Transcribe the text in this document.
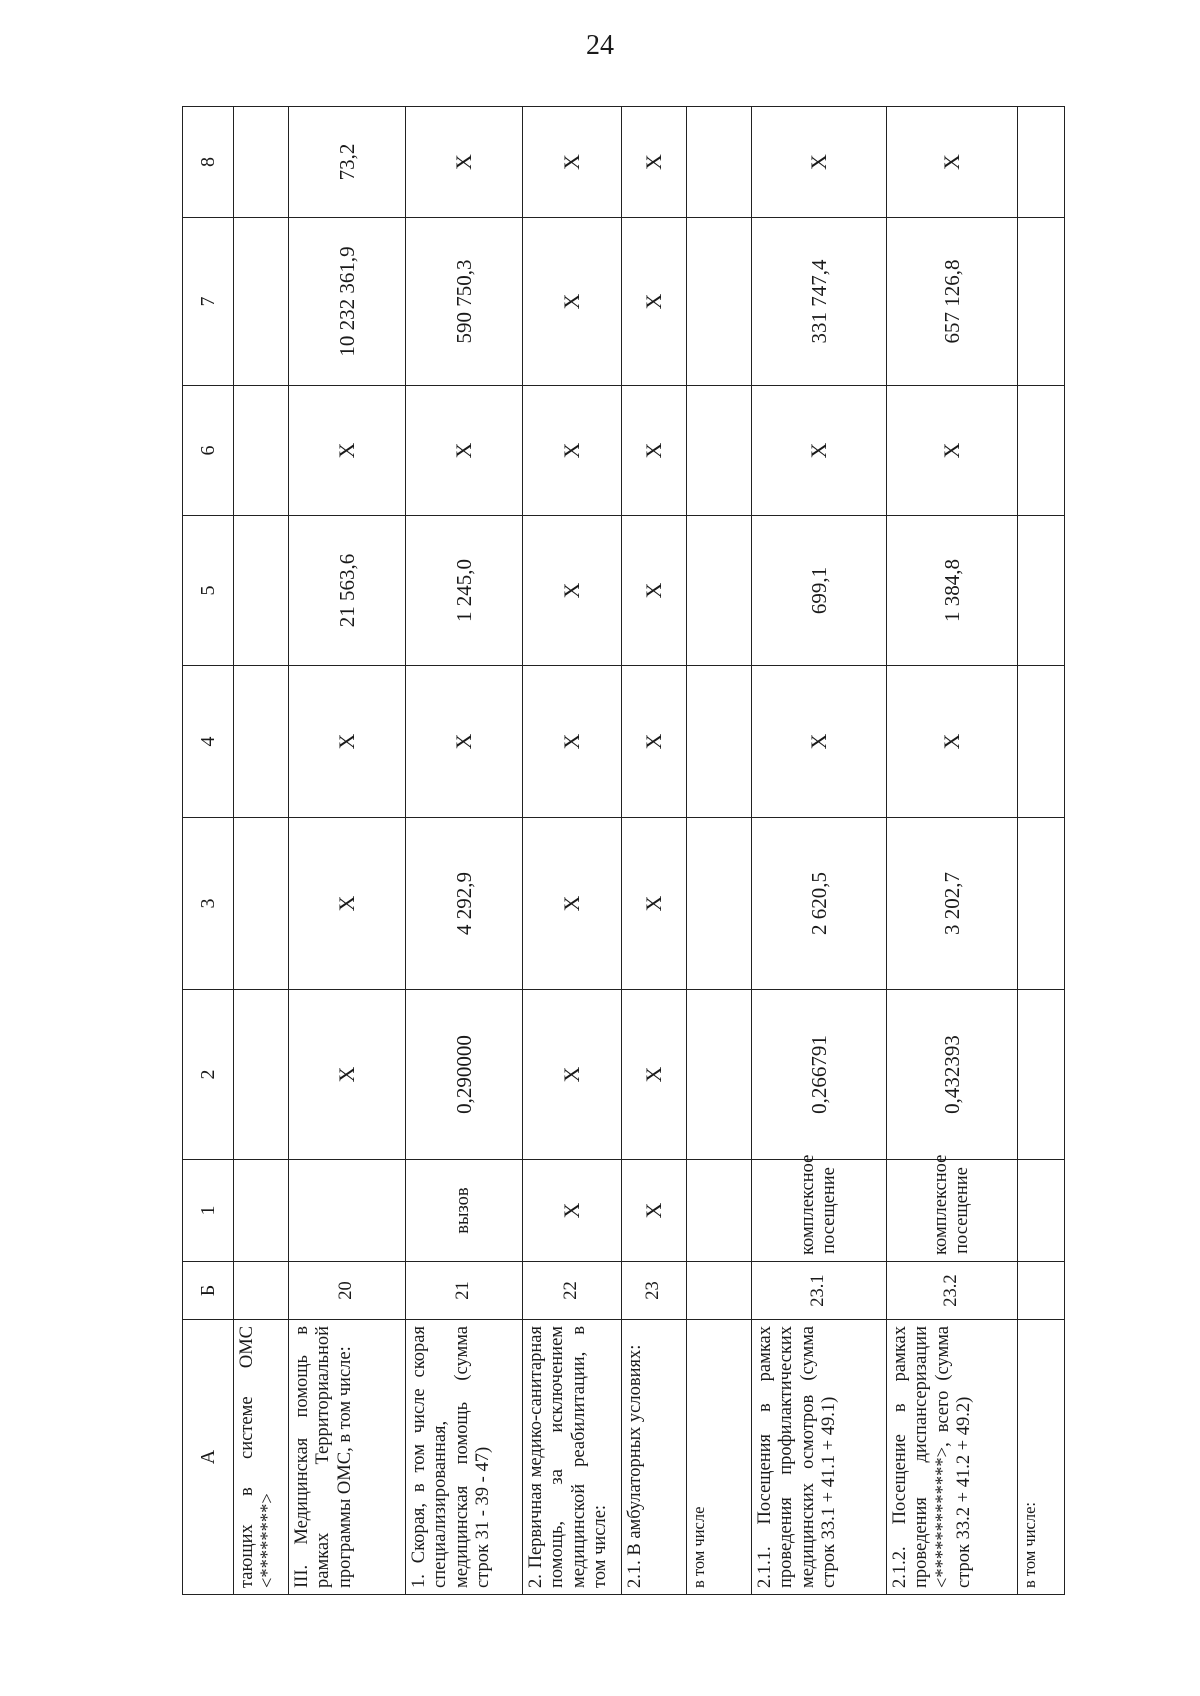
24
А	Б	1	2	3	4	5	6	7	8
тающих в системе ОМС <********>									
III. Медицинская помощь в рамках Территориальной программы ОМС, в том числе:	20		X	X	X	21 563,6	X	10 232 361,9	73,2
1. Скорая, в том числе скорая специализированная, медицинская помощь (сумма строк 31 - 39 - 47)	21	вызов	0,290000	4 292,9	X	1 245,0	X	590 750,3	X
2. Первичная медико-санитарная помощь, за исключением медицинской реабилитации, в том числе:	22	X	X	X	X	X	X	X	X
2.1. В амбулаторных условиях:	23	X	X	X	X	X	X	X	X
в том числе									
2.1.1. Посещения в рамках проведения профилактических медицинских осмотров (сумма строк 33.1 + 41.1 + 49.1)	23.1	комплексное посещение	0,266791	2 620,5	X	699,1	X	331 747,4	X
2.1.2. Посещение в рамках проведения диспансеризации <*************>, всего (сумма строк 33.2 + 41.2 + 49.2)	23.2	комплексное посещение	0,432393	3 202,7	X	1 384,8	X	657 126,8	X
в том числе:									
